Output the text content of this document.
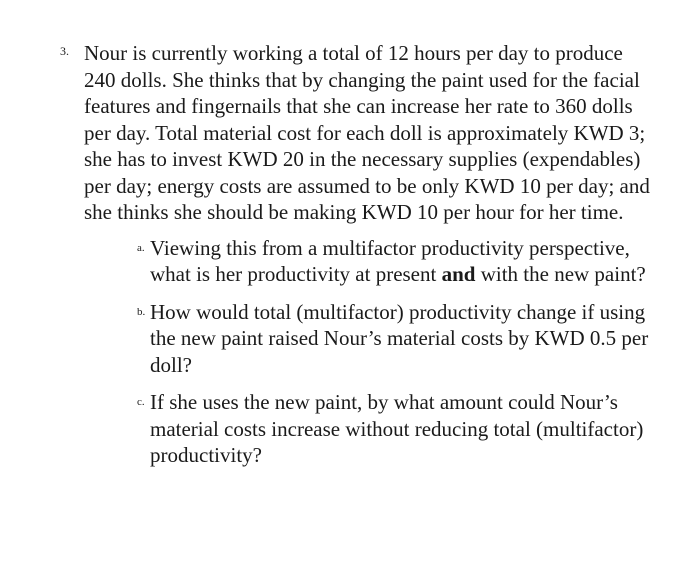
3. Nour is currently working a total of 12 hours per day to produce 240 dolls. She thinks that by changing the paint used for the facial features and fingernails that she can increase her rate to 360 dolls per day. Total material cost for each doll is approximately KWD 3; she has to invest KWD 20 in the necessary supplies (expendables) per day; energy costs are assumed to be only KWD 10 per day; and she thinks she should be making KWD 10 per hour for her time.
a. Viewing this from a multifactor productivity perspective, what is her productivity at present and with the new paint?
b. How would total (multifactor) productivity change if using the new paint raised Nour’s material costs by KWD 0.5 per doll?
c. If she uses the new paint, by what amount could Nour’s material costs increase without reducing total (multifactor) productivity?
